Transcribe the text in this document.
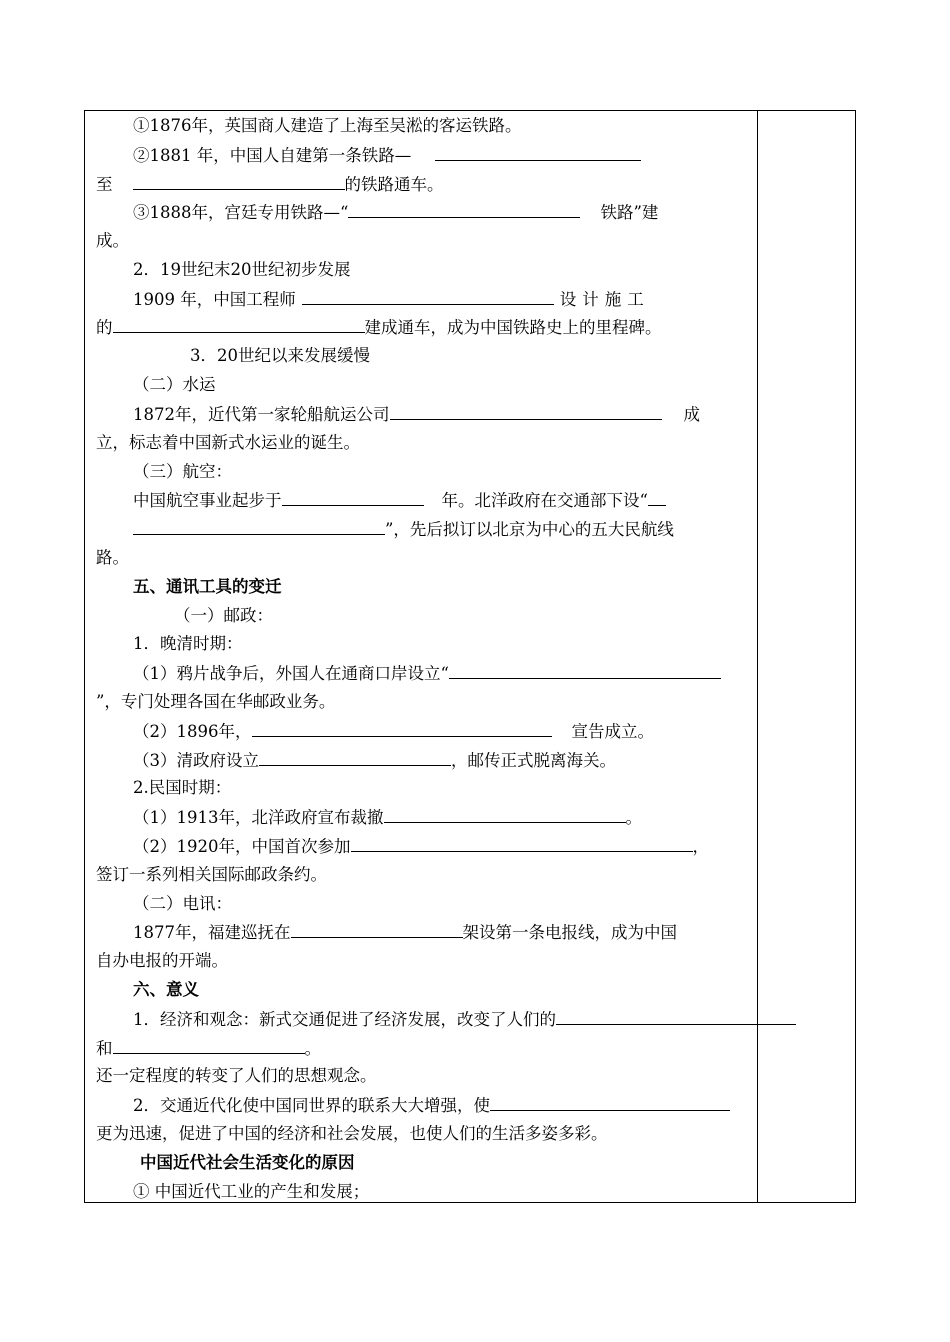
①1876年，英国商人建造了上海至吴淞的客运铁路。
②1881 年，中国人自建第一条铁路—
至	的铁路通车。
③1888年，宫廷专用铁路—“	铁路”建
成。
2．19世纪末20世纪初步发展
1909 年，中国工程师	设计施工
的	建成通车，成为中国铁路史上的里程碑。
3．20世纪以来发展缓慢
（二）水运
1872年，近代第一家轮船航运公司	成
立，标志着中国新式水运业的诞生。
（三）航空：
中国航空事业起步于	年。北洋政府在交通部下设“
”，先后拟订以北京为中心的五大民航线
路。
五、通讯工具的变迁
（一）邮政：
1．晚清时期：
（1）鸦片战争后，外国人在通商口岸设立“
”，专门处理各国在华邮政业务。
（2）1896年，	宣告成立。
（3）清政府设立	，邮传正式脱离海关。
2.民国时期：
（1）1913年，北洋政府宣布裁撤	。
（2）1920年，中国首次参加	，
签订一系列相关国际邮政条约。
（二）电讯：
1877年，福建巡抚在	架设第一条电报线，成为中国
自办电报的开端。
六、意义
1．经济和观念：新式交通促进了经济发展，改变了人们的
和	。
还一定程度的转变了人们的思想观念。
2．交通近代化使中国同世界的联系大大增强，使
更为迅速，促进了中国的经济和社会发展，也使人们的生活多姿多彩。
中国近代社会生活变化的原因
① 中国近代工业的产生和发展；
